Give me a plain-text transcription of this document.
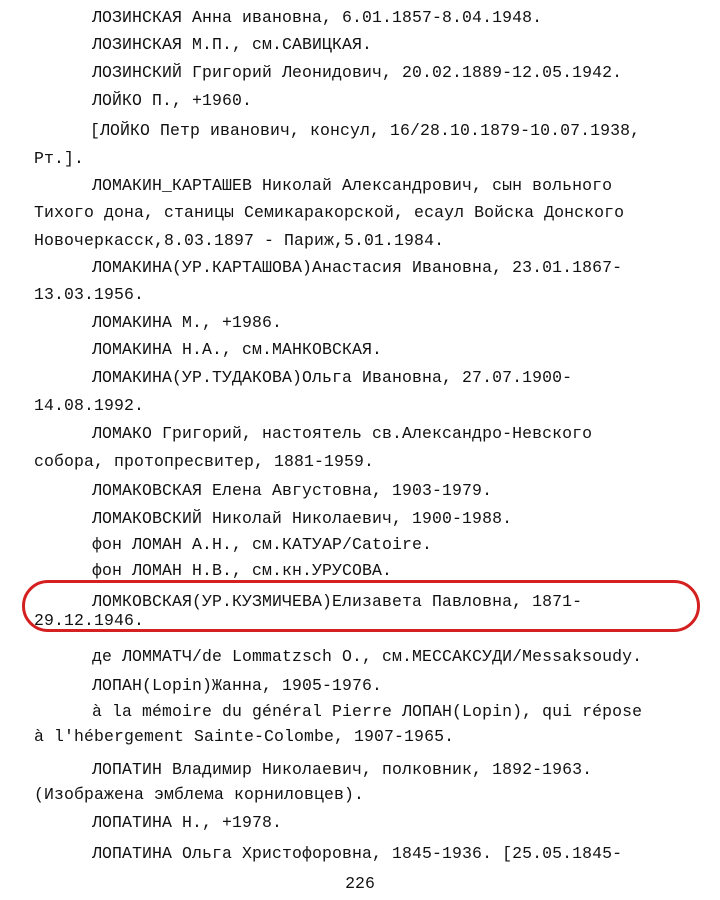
ЛОЗИНСКАЯ Анна ивановна, 6.01.1857-8.04.1948.
ЛОЗИНСКАЯ М.П., см.САВИЦКАЯ.
ЛОЗИНСКИЙ Григорий Леонидович, 20.02.1889-12.05.1942.
ЛОЙКО П., +1960.
[ЛОЙКО Петр иванович, консул, 16/28.10.1879-10.07.1938,
Рт.].
ЛОМАКИН_КАРТАШЕВ Николай Александрович, сын вольного
Тихого дона, станицы Семикаракорской, есаул Войска Донского
Новочеркасск,8.03.1897 - Париж,5.01.1984.
ЛОМАКИНА(УР.КАРТАШОВА)Анастасия Ивановна, 23.01.1867-
13.03.1956.
ЛОМАКИНА М., +1986.
ЛОМАКИНА Н.А., см.МАНКОВСКАЯ.
ЛОМАКИНА(УР.ТУДАКОВА)Ольга Ивановна, 27.07.1900-
14.08.1992.
ЛОМАКО Григорий, настоятель св.Александро-Невского
собора, протопресвитер, 1881-1959.
ЛОМАКОВСКАЯ Елена Августовна, 1903-1979.
ЛОМАКОВСКИЙ Николай Николаевич, 1900-1988.
фон ЛОМАН А.Н., см.КАТУАР/Catoire.
фон ЛОМАН Н.В., см.кн.УРУСОВА.
ЛОМКОВСКАЯ(УР.КУЗМИЧЕВА)Елизавета Павловна, 1871-
29.12.1946.
де ЛОММАТЧ/de Lommatzsch О., см.МЕССАКСУДИ/Messaksoudy.
ЛОПАН(Lopin)Жанна, 1905-1976.
à la mémoire du général Pierre ЛОПАН(Lopin), qui répose
à l'hébergement Sainte-Colombe, 1907-1965.
ЛОПАТИН Владимир Николаевич, полковник, 1892-1963.
(Изображена эмблема корниловцев).
ЛОПАТИНА Н., +1978.
ЛОПАТИНА Ольга Христофоровна, 1845-1936. [25.05.1845-
226
